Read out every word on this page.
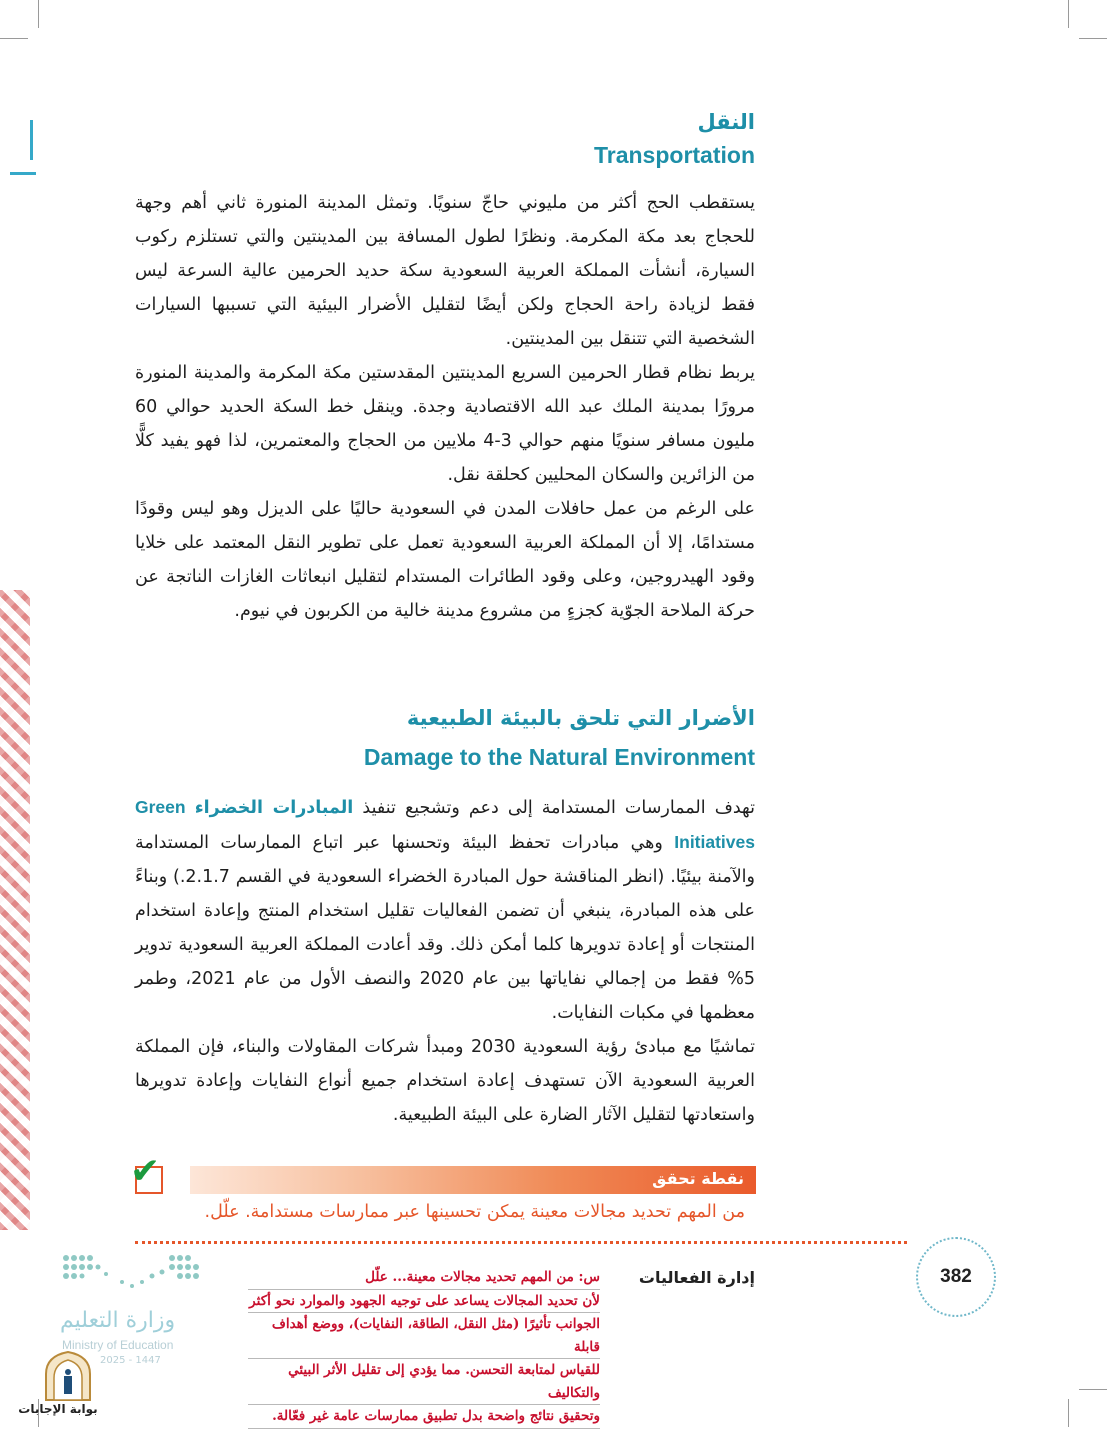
النقل
Transportation

يستقطب الحج أكثر من مليوني حاجّ سنويًا. وتمثل المدينة المنورة ثاني أهم وجهة للحجاج بعد مكة المكرمة. ونظرًا لطول المسافة بين المدينتين والتي تستلزم ركوب السيارة، أنشأت المملكة العربية السعودية سكة حديد الحرمين عالية السرعة ليس فقط لزيادة راحة الحجاج ولكن أيضًا لتقليل الأضرار البيئية التي تسببها السيارات الشخصية التي تتنقل بين المدينتين.

يربط نظام قطار الحرمين السريع المدينتين المقدستين مكة المكرمة والمدينة المنورة مرورًا بمدينة الملك عبد الله الاقتصادية وجدة. وينقل خط السكة الحديد حوالي 60 مليون مسافر سنويًا منهم حوالي 3-4 ملايين من الحجاج والمعتمرين، لذا فهو يفيد كلًّا من الزائرين والسكان المحليين كحلقة نقل.

على الرغم من عمل حافلات المدن في السعودية حاليًا على الديزل وهو ليس وقودًا مستدامًا، إلا أن المملكة العربية السعودية تعمل على تطوير النقل المعتمد على خلايا وقود الهيدروجين، وعلى وقود الطائرات المستدام لتقليل انبعاثات الغازات الناتجة عن حركة الملاحة الجوّية كجزءٍ من مشروع مدينة خالية من الكربون في نيوم.

الأضرار التي تلحق بالبيئة الطبيعية
Damage to the Natural Environment

تهدف الممارسات المستدامة إلى دعم وتشجيع تنفيذ المبادرات الخضراء Green Initiatives وهي مبادرات تحفظ البيئة وتحسنها عبر اتباع الممارسات المستدامة والآمنة بيئيًا. (انظر المناقشة حول المبادرة الخضراء السعودية في القسم 2.1.7.) وبناءً على هذه المبادرة، ينبغي أن تضمن الفعاليات تقليل استخدام المنتج وإعادة استخدام المنتجات أو إعادة تدويرها كلما أمكن ذلك. وقد أعادت المملكة العربية السعودية تدوير 5% فقط من إجمالي نفاياتها بين عام 2020 والنصف الأول من عام 2021، وطمر معظمها في مكبات النفايات.

تماشيًا مع مبادئ رؤية السعودية 2030 ومبدأ شركات المقاولات والبناء، فإن المملكة العربية السعودية الآن تستهدف إعادة استخدام جميع أنواع النفايات وإعادة تدويرها واستعادتها لتقليل الآثار الضارة على البيئة الطبيعية.

نقطة تحقق
✔
من المهم تحديد مجالات معينة يمكن تحسينها عبر ممارسات مستدامة. علّل.
إدارة الفعاليات	382
س: من المهم تحديد مجالات معينة... علّل
لأن تحديد المجالات يساعد على توجيه الجهود والموارد نحو أكثر
الجوانب تأثيرًا (مثل النقل، الطاقة، النفايات)، ووضع أهداف قابلة
للقياس لمتابعة التحسن. مما يؤدي إلى تقليل الأثر البيئي والتكاليف
وتحقيق نتائج واضحة بدل تطبيق ممارسات عامة غير فعّالة.
وزارة التعليم
Ministry of Education
2025 - 1447
بوابة الإجابات
